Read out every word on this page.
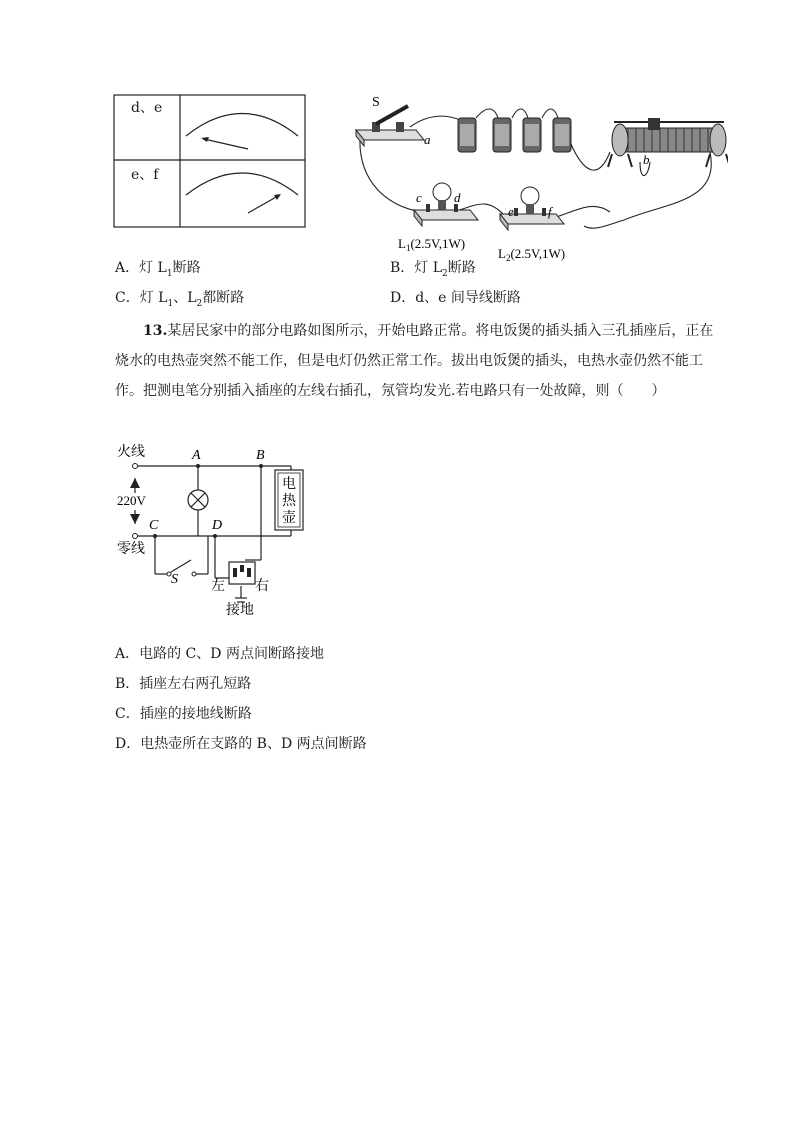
d、e
e、f
S
a
b
c d
e	f
$L_1(2.5V,1W)$
$L_2(2.5V,1W)$
A．灯 $L_1$断路	B．灯 $L_2$断路
C．灯 $L_1$、$L_2$都断路	D．d、e 间导线断路
13.某居民家中的部分电路如图所示，开始电路正常。将电饭煲的插头插入三孔插座后，正在烧水的电热壶突然不能工作，但是电灯仍然正常工作。拔出电饭煲的插头，电热水壶仍然不能工作。把测电笔分别插入插座的左线右插孔，氖管均发光.若电路只有一处故障，则（　　）
火线
零线
220V
A	B
C	D
S
电
热
壶
左 右
接地
A．电路的 C、D 两点间断路接地
B．插座左右两孔短路
C．插座的接地线断路
D．电热壶所在支路的 B、D 两点间断路
